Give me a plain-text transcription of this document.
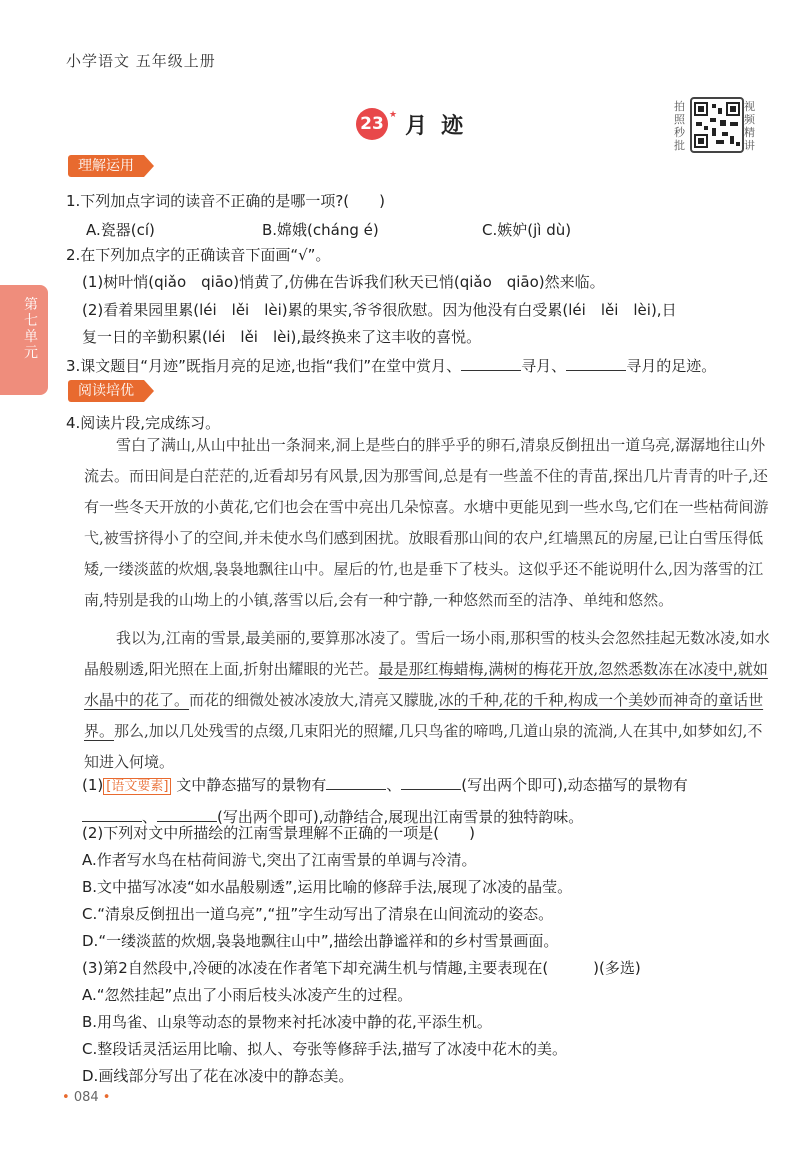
小学语文 五年级上册
23 ★ 月迹
拍照秒批
视频精讲
第七单元
理解运用
1.下列加点字词的读音不正确的是哪一项?(　　)
A.瓷器(cí)	B.嫦娥(cháng é)	C.嫉妒(jì dù)
2.在下列加点字的正确读音下面画“√”。
(1)树叶悄(qiǎo　qiāo)悄黄了,仿佛在告诉我们秋天已悄(qiǎo　qiāo)然来临。
(2)看着果园里累(léi　lěi　lèi)累的果实,爷爷很欣慰。因为他没有白受累(léi　lěi　lèi),日
复一日的辛勤积累(léi　lěi　lèi),最终换来了这丰收的喜悦。
3.课文题目“月迹”既指月亮的足迹,也指“我们”在堂中赏月、	寻月、	寻月的足迹。
阅读培优
4.阅读片段,完成练习。

雪白了满山,从山中扯出一条洞来,洞上是些白的胖乎乎的卵石,清泉反倒扭出一道乌亮,潺潺地往山外流去。而田间是白茫茫的,近看却另有风景,因为那雪间,总是有一些盖不住的青苗,探出几片青青的叶子,还有一些冬天开放的小黄花,它们也会在雪中亮出几朵惊喜。水塘中更能见到一些水鸟,它们在一些枯荷间游弋,被雪挤得小了的空间,并未使水鸟们感到困扰。放眼看那山间的农户,红墙黑瓦的房屋,已让白雪压得低矮,一缕淡蓝的炊烟,袅袅地飘往山中。屋后的竹,也是垂下了枝头。这似乎还不能说明什么,因为落雪的江南,特别是我的山坳上的小镇,落雪以后,会有一种宁静,一种悠然而至的洁净、单纯和悠然。

我以为,江南的雪景,最美丽的,要算那冰凌了。雪后一场小雨,那积雪的枝头会忽然挂起无数冰凌,如水晶般剔透,阳光照在上面,折射出耀眼的光芒。最是那红梅蜡梅,满树的梅花开放,忽然悉数冻在冰凌中,就如水晶中的花了。而花的细微处被冰凌放大,清亮又朦胧,冰的千种,花的千种,构成一个美妙而神奇的童话世界。那么,加以几处残雪的点缀,几束阳光的照耀,几只鸟雀的啼鸣,几道山泉的流淌,人在其中,如梦如幻,不知进入何境。

(1) [语文要素] 文中静态描写的景物有	、	(写出两个即可),动态描写的景物有
、	(写出两个即可),动静结合,展现出江南雪景的独特韵味。
(2)下列对文中所描绘的江南雪景理解不正确的一项是(　　)
A.作者写水鸟在枯荷间游弋,突出了江南雪景的单调与冷清。
B.文中描写冰凌“如水晶般剔透”,运用比喻的修辞手法,展现了冰凌的晶莹。
C.“清泉反倒扭出一道乌亮”,“扭”字生动写出了清泉在山间流动的姿态。
D.“一缕淡蓝的炊烟,袅袅地飘往山中”,描绘出静谧祥和的乡村雪景画面。
(3)第2自然段中,冷硬的冰凌在作者笔下却充满生机与情趣,主要表现在(　　　)(多选)
A.“忽然挂起”点出了小雨后枝头冰凌产生的过程。
B.用鸟雀、山泉等动态的景物来衬托冰凌中静的花,平添生机。
C.整段话灵活运用比喻、拟人、夸张等修辞手法,描写了冰凌中花木的美。
D.画线部分写出了花在冰凌中的静态美。
• 084 •
